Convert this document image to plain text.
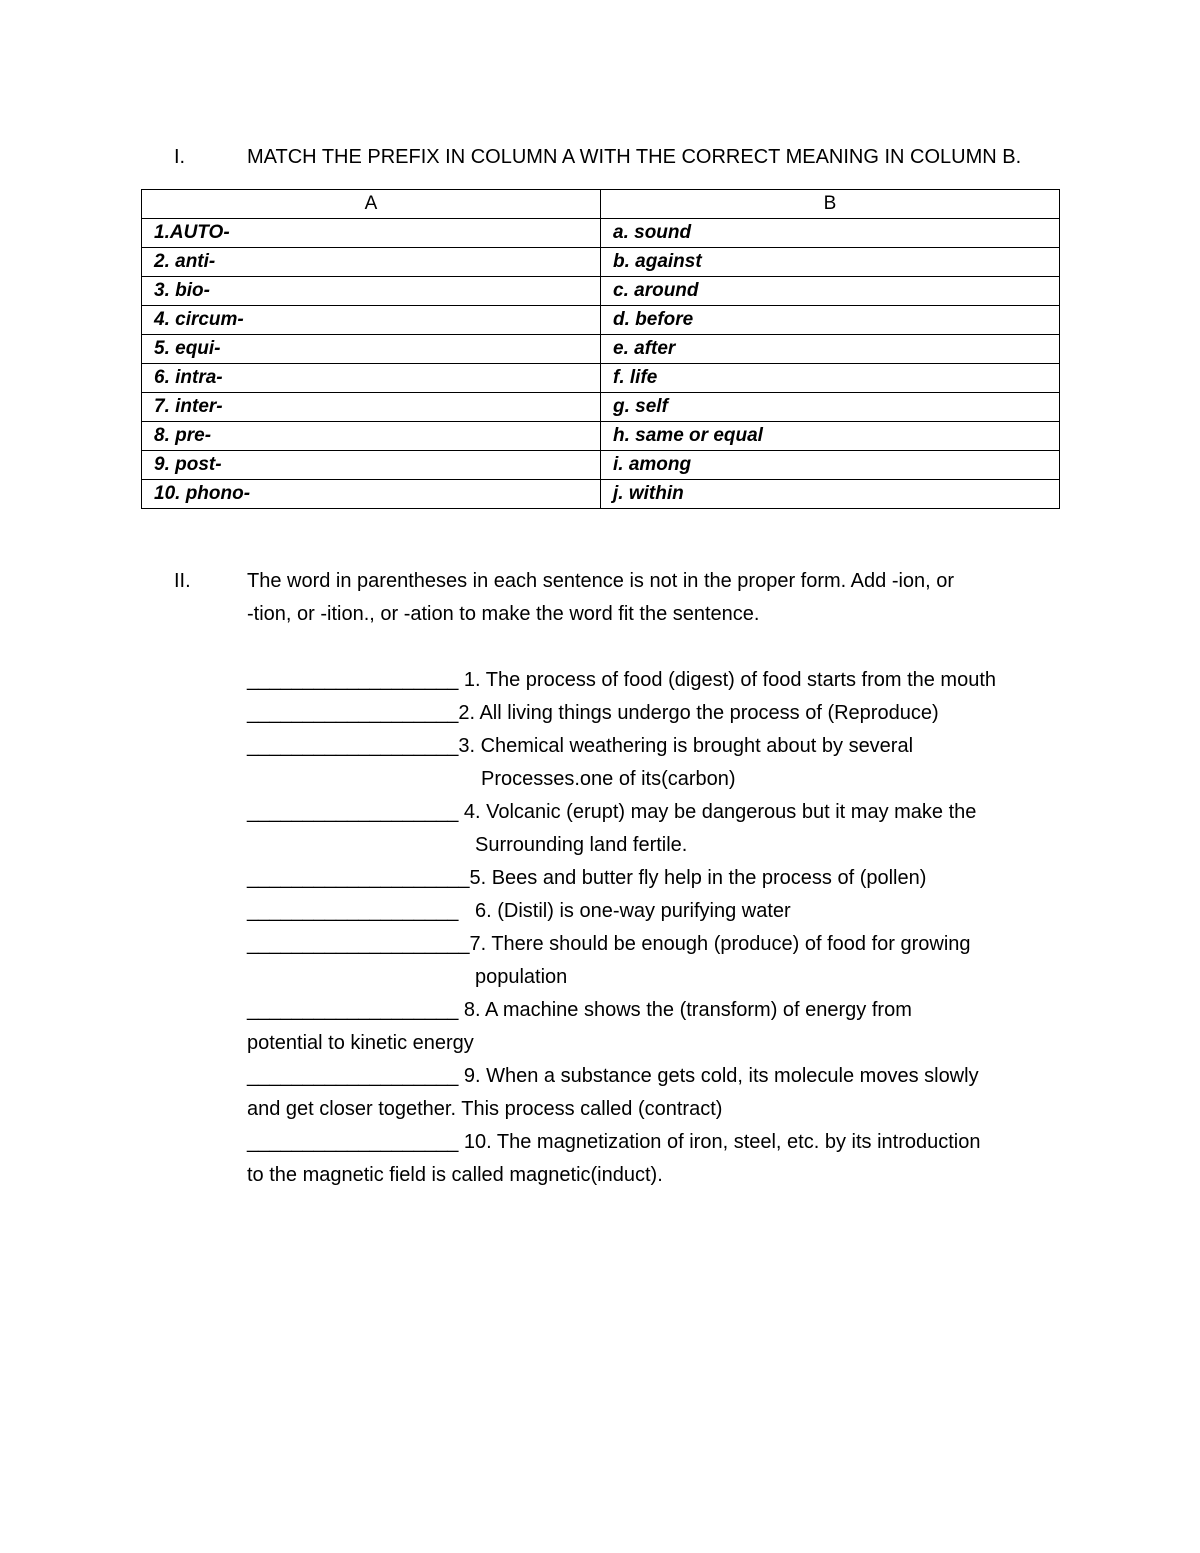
I.	MATCH THE PREFIX IN COLUMN A WITH THE CORRECT MEANING IN COLUMN B.
A	B
1.AUTO-	a. sound
2. anti-	b. against
3. bio-	c. around
4. circum-	d. before
5. equi-	e. after
6. intra-	f. life
7. inter-	g. self
8. pre-	h. same or equal
9. post-	i. among
10. phono-	j. within
II.	The word in parentheses in each sentence is not in the proper form. Add -ion, or
-tion, or -ition., or -ation to make the word fit the sentence.
___________________ 1. The process of food (digest) of food starts from the mouth
___________________2. All living things undergo the process of (Reproduce)
___________________3. Chemical weathering is brought about by several
Processes.one of its(carbon)
___________________ 4. Volcanic (erupt) may be dangerous but it may make the
Surrounding land fertile.
____________________5. Bees and butter fly help in the process of (pollen)
___________________   6. (Distil) is one-way purifying water
____________________7. There should be enough (produce) of food for growing
population
___________________ 8. A machine shows the (transform) of energy from
potential to kinetic energy
___________________ 9. When a substance gets cold, its molecule moves slowly
and get closer together. This process called (contract)
___________________ 10. The magnetization of iron, steel, etc. by its introduction
to the magnetic field is called magnetic(induct).
